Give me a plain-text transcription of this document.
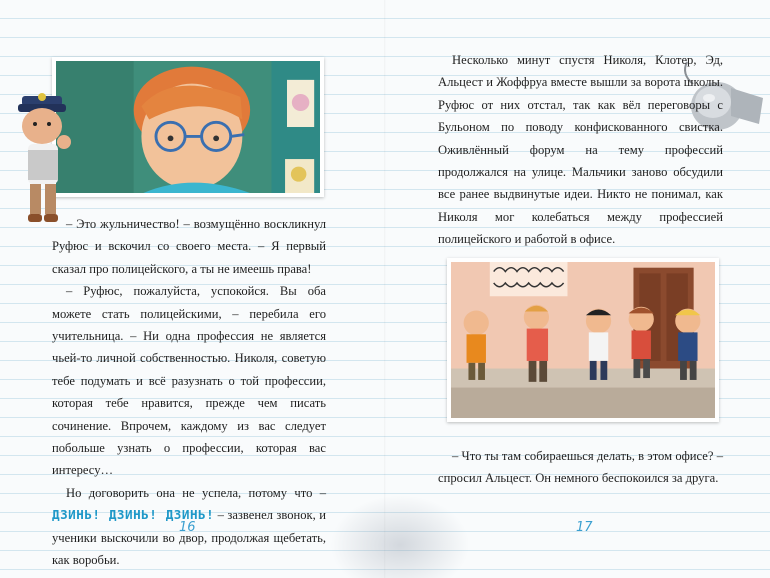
– Это жульничество! – возмущённо воскликнул Руфюс и вскочил со своего места. – Я первый сказал про полицейского, а ты не имеешь права!

– Руфюс, пожалуйста, успокойся. Вы оба можете стать полицейскими, – перебила его учительница. – Ни одна профессия не является чьей-то личной собственностью. Николя, советую тебе подумать и всё разузнать о той профессии, которая тебе нравится, прежде чем писать сочинение. Впрочем, каждому из вас следует побольше узнать о профессии, которая вас интересу…

Но договорить она не успела, потому что – ДЗИНЬ! ДЗИНЬ! ДЗИНЬ! – зазвенел звонок, и ученики выскочили во двор, продолжая щебетать, как воробьи.

16

Несколько минут спустя Николя, Клотер, Эд, Альцест и Жоффруа вместе вышли за ворота школы. Руфюс от них отстал, так как вёл переговоры с Бульоном по поводу конфискованного свистка. Оживлённый форум на тему профессий продолжался на улице. Мальчики заново обсудили все ранее выдвинутые идеи. Никто не понимал, как Николя мог колебаться между профессией полицейского и работой в офисе.

– Что ты там собираешься делать, в этом офисе? – спросил Альцест. Он немного беспокоился за друга.

17
